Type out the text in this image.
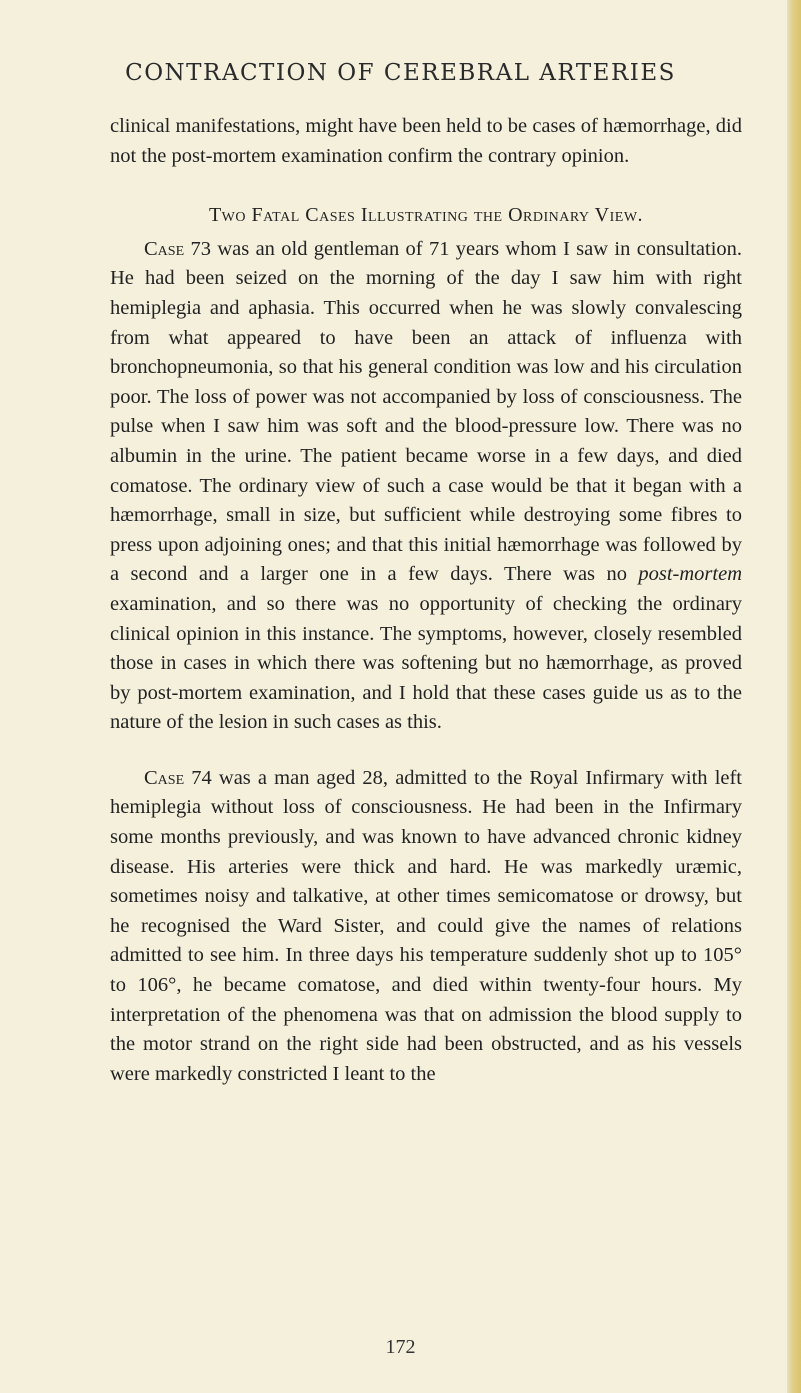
CONTRACTION OF CEREBRAL ARTERIES

clinical manifestations, might have been held to be cases of hæmorrhage, did not the post-mortem examination confirm the contrary opinion.

Two Fatal Cases Illustrating the Ordinary View.

Case 73 was an old gentleman of 71 years whom I saw in consultation. He had been seized on the morning of the day I saw him with right hemiplegia and aphasia. This occurred when he was slowly convalescing from what appeared to have been an attack of influenza with bronchopneumonia, so that his general condition was low and his circulation poor. The loss of power was not accompanied by loss of consciousness. The pulse when I saw him was soft and the blood-pressure low. There was no albumin in the urine. The patient became worse in a few days, and died comatose. The ordinary view of such a case would be that it began with a hæmorrhage, small in size, but sufficient while destroying some fibres to press upon adjoining ones; and that this initial hæmorrhage was followed by a second and a larger one in a few days. There was no post-mortem examination, and so there was no opportunity of checking the ordinary clinical opinion in this instance. The symptoms, however, closely resembled those in cases in which there was softening but no hæmorrhage, as proved by post-mortem examination, and I hold that these cases guide us as to the nature of the lesion in such cases as this.

Case 74 was a man aged 28, admitted to the Royal Infirmary with left hemiplegia without loss of consciousness. He had been in the Infirmary some months previously, and was known to have advanced chronic kidney disease. His arteries were thick and hard. He was markedly uræmic, sometimes noisy and talkative, at other times semicomatose or drowsy, but he recognised the Ward Sister, and could give the names of relations admitted to see him. In three days his temperature suddenly shot up to 105° to 106°, he became comatose, and died within twenty-four hours. My interpretation of the phenomena was that on admission the blood supply to the motor strand on the right side had been obstructed, and as his vessels were markedly constricted I leant to the

172
